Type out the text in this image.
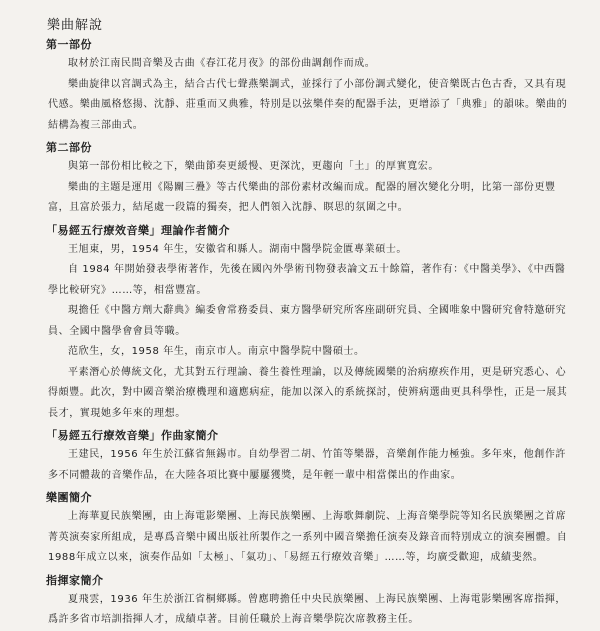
樂曲解說
第一部份

取材於江南民間音樂及古曲《春江花月夜》的部份曲調創作而成。

樂曲旋律以宮調式為主，結合古代七聲燕樂調式，並採行了小部份調式變化，使音樂既古色古香，又具有現代感。樂曲風格悠揚、沈靜、莊重而又典雅，特別是以弦樂伴奏的配器手法，更增添了「典雅」的韻味。樂曲的結構為複三部曲式。

第二部份

與第一部份相比較之下，樂曲節奏更緩慢、更深沈，更趨向「土」的厚實寬宏。

樂曲的主題是運用《陽關三疊》等古代樂曲的部份素材改編而成。配器的層次變化分明，比第一部份更豐富，且富於張力，結尾處一段篇的獨奏，把人們領入沈靜、瞑思的氛圍之中。

「易經五行療效音樂」理論作者簡介

王旭東，男，1954 年生，安徽省和縣人。湖南中醫學院金匱專業碩士。

自 1984 年開始發表學術著作，先後在國內外學術刊物發表論文五十餘篇，著作有：《中醫美學》、《中西醫學比較研究》……等，相當豐富。

現擔任《中醫方劑大辭典》編委會常務委員、東方醫學研究所客座副研究員、全國唯象中醫研究會特邀研究員、全國中醫學會會員等職。

范欣生，女，1958 年生，南京市人。南京中醫學院中醫碩士。

平素潛心於傳統文化，尤其對五行理論、養生養性理論，以及傳統國樂的治病療疾作用，更是研究悉心、心得頗豐。此次，對中國音樂治療機理和適應病症，能加以深入的系統探討，使辨病選曲更具科學性，正是一展其長才，實現她多年來的理想。

「易經五行療效音樂」作曲家簡介

王建民，1956 年生於江蘇省無錫市。自幼學習二胡、竹笛等樂器，音樂創作能力極強。多年來，他創作許多不同體裁的音樂作品，在大陸各項比賽中屢屢獲獎，是年輕一輩中相當傑出的作曲家。

樂團簡介

上海華夏民族樂團，由上海電影樂團、上海民族樂團、上海歌舞劇院、上海音樂學院等知名民族樂團之首席菁英演奏家所組成，是專爲音樂中國出版社所製作之一系列中國音樂擔任演奏及錄音而特別成立的演奏團體。自1988年成立以來，演奏作品如「太極」、「氣功」、「易經五行療效音樂」……等，均廣受歡迎，成績斐然。

指揮家簡介

夏飛雲，1936 年生於浙江省桐鄉縣。曾應聘擔任中央民族樂團、上海民族樂團、上海電影樂團客席指揮，爲許多省市培訓指揮人才，成績卓著。目前任職於上海音樂學院次席教務主任。
